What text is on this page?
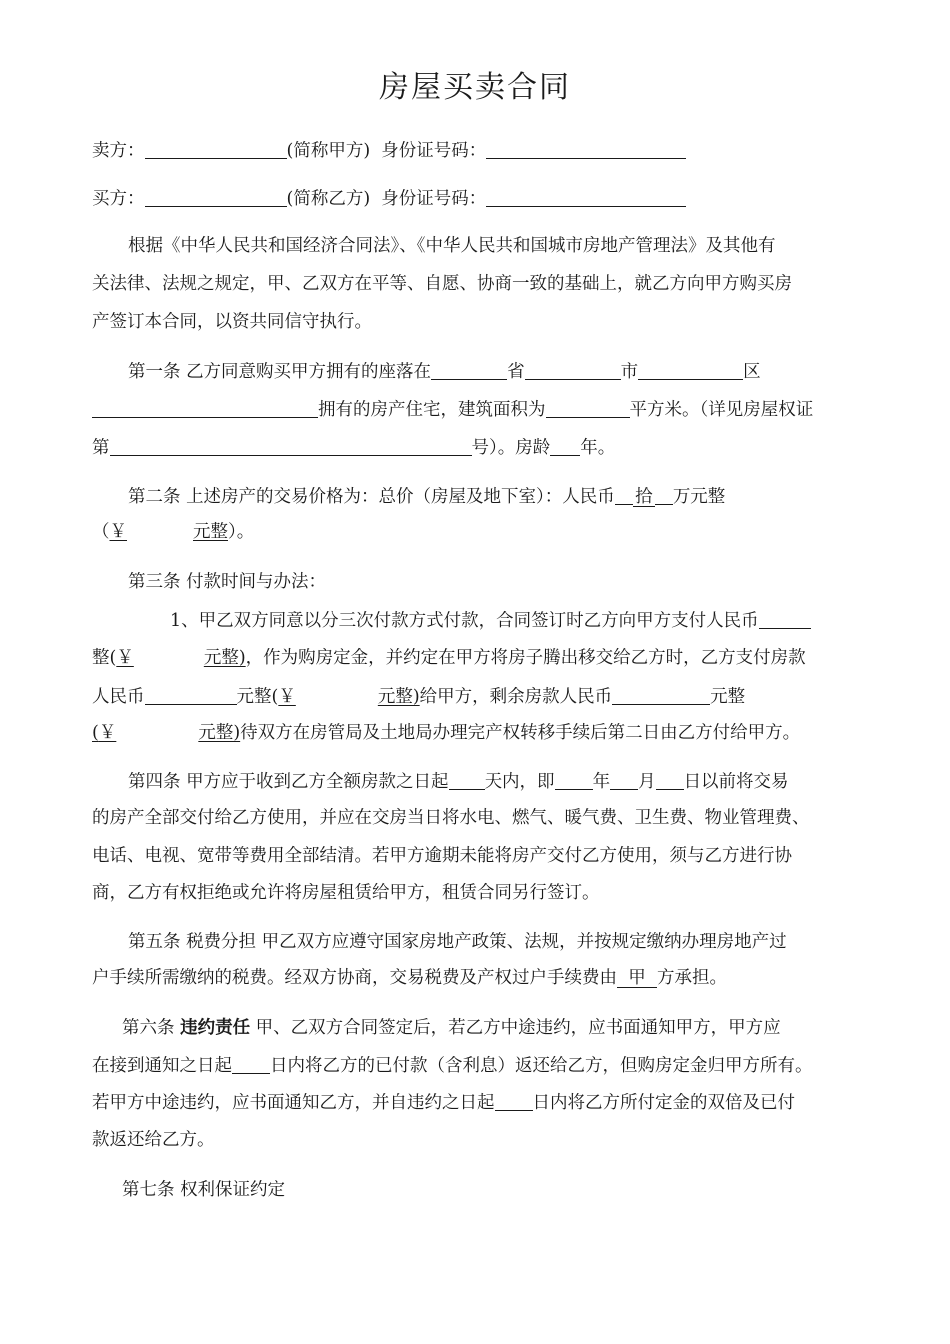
房屋买卖合同
卖方：	(简称甲方) 身份证号码：
买方：	(简称乙方) 身份证号码：
根据《中华人民共和国经济合同法》、《中华人民共和国城市房地产管理法》及其他有
关法律、法规之规定，甲、乙双方在平等、自愿、协商一致的基础上，就乙方向甲方购买房
产签订本合同，以资共同信守执行。
第一条 乙方同意购买甲方拥有的座落在	省	市	区
拥有的房产住宅，建筑面积为	平方米。（详见房屋权证
第	号）。房龄 年。
第二条 上述房产的交易价格为：总价（房屋及地下室）：人民币 拾 万元整
（￥	元整）。
第三条 付款时间与办法：
1、甲乙双方同意以分三次付款方式付款，合同签订时乙方向甲方支付人民币
整(￥	元整)，作为购房定金，并约定在甲方将房子腾出移交给乙方时，乙方支付房款
人民币	元整(￥	元整)给甲方，剩余房款人民币	元整
(￥	元整)待双方在房管局及土地局办理完产权转移手续后第二日由乙方付给甲方。
第四条 甲方应于收到乙方全额房款之日起 天内，即 年 月 日以前将交易
的房产全部交付给乙方使用，并应在交房当日将水电、燃气、暖气费、卫生费、物业管理费、
电话、电视、宽带等费用全部结清。若甲方逾期未能将房产交付乙方使用，须与乙方进行协
商，乙方有权拒绝或允许将房屋租赁给甲方，租赁合同另行签订。
第五条 税费分担 甲乙双方应遵守国家房地产政策、法规，并按规定缴纳办理房地产过
户手续所需缴纳的税费。经双方协商，交易税费及产权过户手续费由 甲 方承担。
第六条 违约责任 甲、乙双方合同签定后，若乙方中途违约，应书面通知甲方，甲方应
在接到通知之日起 日内将乙方的已付款（含利息）返还给乙方，但购房定金归甲方所有。
若甲方中途违约，应书面通知乙方，并自违约之日起 日内将乙方所付定金的双倍及已付
款返还给乙方。
第七条 权利保证约定
